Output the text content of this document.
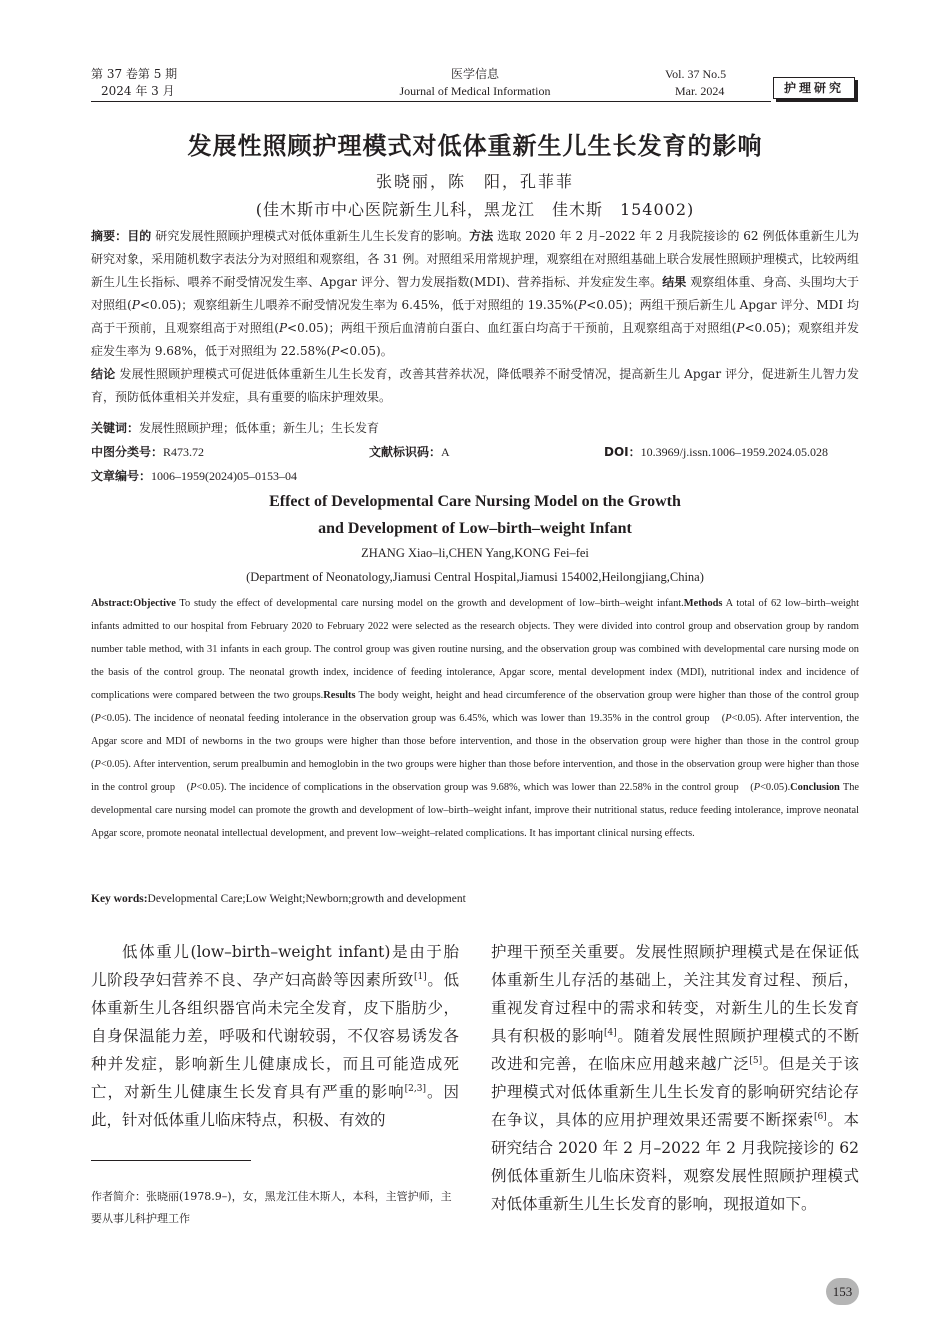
第 37 卷第 5 期
2024 年 3 月
医学信息
Journal of Medical Information
Vol. 37 No.5
Mar. 2024	护理研究
发展性照顾护理模式对低体重新生儿生长发育的影响
张晓丽，陈　阳，孔菲菲
(佳木斯市中心医院新生儿科，黑龙江　佳木斯　154002)
摘要：目的 研究发展性照顾护理模式对低体重新生儿生长发育的影响。方法 选取 2020 年 2 月–2022 年 2 月我院接诊的 62 例低体重新生儿为研究对象，采用随机数字表法分为对照组和观察组，各 31 例。对照组采用常规护理，观察组在对照组基础上联合发展性照顾护理模式，比较两组新生儿生长指标、喂养不耐受情况发生率、Apgar 评分、智力发展指数(MDI)、营养指标、并发症发生率。结果 观察组体重、身高、头围均大于对照组(P<0.05)；观察组新生儿喂养不耐受情况发生率为 6.45%，低于对照组的 19.35%(P<0.05)；两组干预后新生儿 Apgar 评分、MDI 均高于干预前，且观察组高于对照组(P<0.05)；两组干预后血清前白蛋白、血红蛋白均高于干预前，且观察组高于对照组(P<0.05)；观察组并发症发生率为 9.68%，低于对照组为 22.58%(P<0.05)。
结论 发展性照顾护理模式可促进低体重新生儿生长发育，改善其营养状况，降低喂养不耐受情况，提高新生儿 Apgar 评分，促进新生儿智力发育，预防低体重相关并发症，具有重要的临床护理效果。
关键词：发展性照顾护理；低体重；新生儿；生长发育
中图分类号：R473.72	文献标识码：A	DOI：10.3969/j.issn.1006–1959.2024.05.028
文章编号：1006–1959(2024)05–0153–04
Effect of Developmental Care Nursing Model on the Growth
and Development of Low–birth–weight Infant
ZHANG Xiao–li,CHEN Yang,KONG Fei–fei
(Department of Neonatology,Jiamusi Central Hospital,Jiamusi 154002,Heilongjiang,China)
Abstract:Objective To study the effect of developmental care nursing model on the growth and development of low–birth–weight infant.Methods A total of 62 low–birth–weight infants admitted to our hospital from February 2020 to February 2022 were selected as the research objects. They were divided into control group and observation group by random number table method, with 31 infants in each group. The control group was given routine nursing, and the observation group was combined with developmental care nursing mode on the basis of the control group. The neonatal growth index, incidence of feeding intolerance, Apgar score, mental development index (MDI), nutritional index and incidence of complications were compared between the two groups.Results The body weight, height and head circumference of the observation group were higher than those of the control group　(P<0.05). The incidence of neonatal feeding intolerance in the observation group was 6.45%, which was lower than 19.35% in the control group　(P<0.05). After intervention, the Apgar score and MDI of newborns in the two groups were higher than those before intervention, and those in the observation group were higher than those in the control group　(P<0.05). After intervention, serum prealbumin and hemoglobin in the two groups were higher than those before intervention, and those in the observation group were higher than those in the control group　(P<0.05). The incidence of complications in the observation group was 9.68%, which was lower than 22.58% in the control group　(P<0.05).Conclusion The developmental care nursing model can promote the growth and development of low–birth–weight infant, improve their nutritional status, reduce feeding intolerance, improve neonatal Apgar score, promote neonatal intellectual development, and prevent low–weight–related complications. It has important clinical nursing effects.
Key words:Developmental Care;Low Weight;Newborn;growth and development

低体重儿(low–birth–weight infant)是由于胎儿阶段孕妇营养不良、孕产妇高龄等因素所致[1]。低体重新生儿各组织器官尚未完全发育，皮下脂肪少，自身保温能力差，呼吸和代谢较弱，不仅容易诱发各种并发症，影响新生儿健康成长，而且可能造成死亡，对新生儿健康生长发育具有严重的影响[2,3]。因此，针对低体重儿临床特点，积极、有效的

护理干预至关重要。发展性照顾护理模式是在保证低体重新生儿存活的基础上，关注其发育过程、预后，重视发育过程中的需求和转变，对新生儿的生长发育具有积极的影响[4]。随着发展性照顾护理模式的不断改进和完善，在临床应用越来越广泛[5]。但是关于该护理模式对低体重新生儿生长发育的影响研究结论存在争议，具体的应用护理效果还需要不断探索[6]。本研究结合 2020 年 2 月–2022 年 2 月我院接诊的 62 例低体重新生儿临床资料，观察发展性照顾护理模式对低体重新生儿生长发育的影响，现报道如下。

作者简介：张晓丽(1978.9–)，女，黑龙江佳木斯人，本科，主管护师，主要从事儿科护理工作
153
